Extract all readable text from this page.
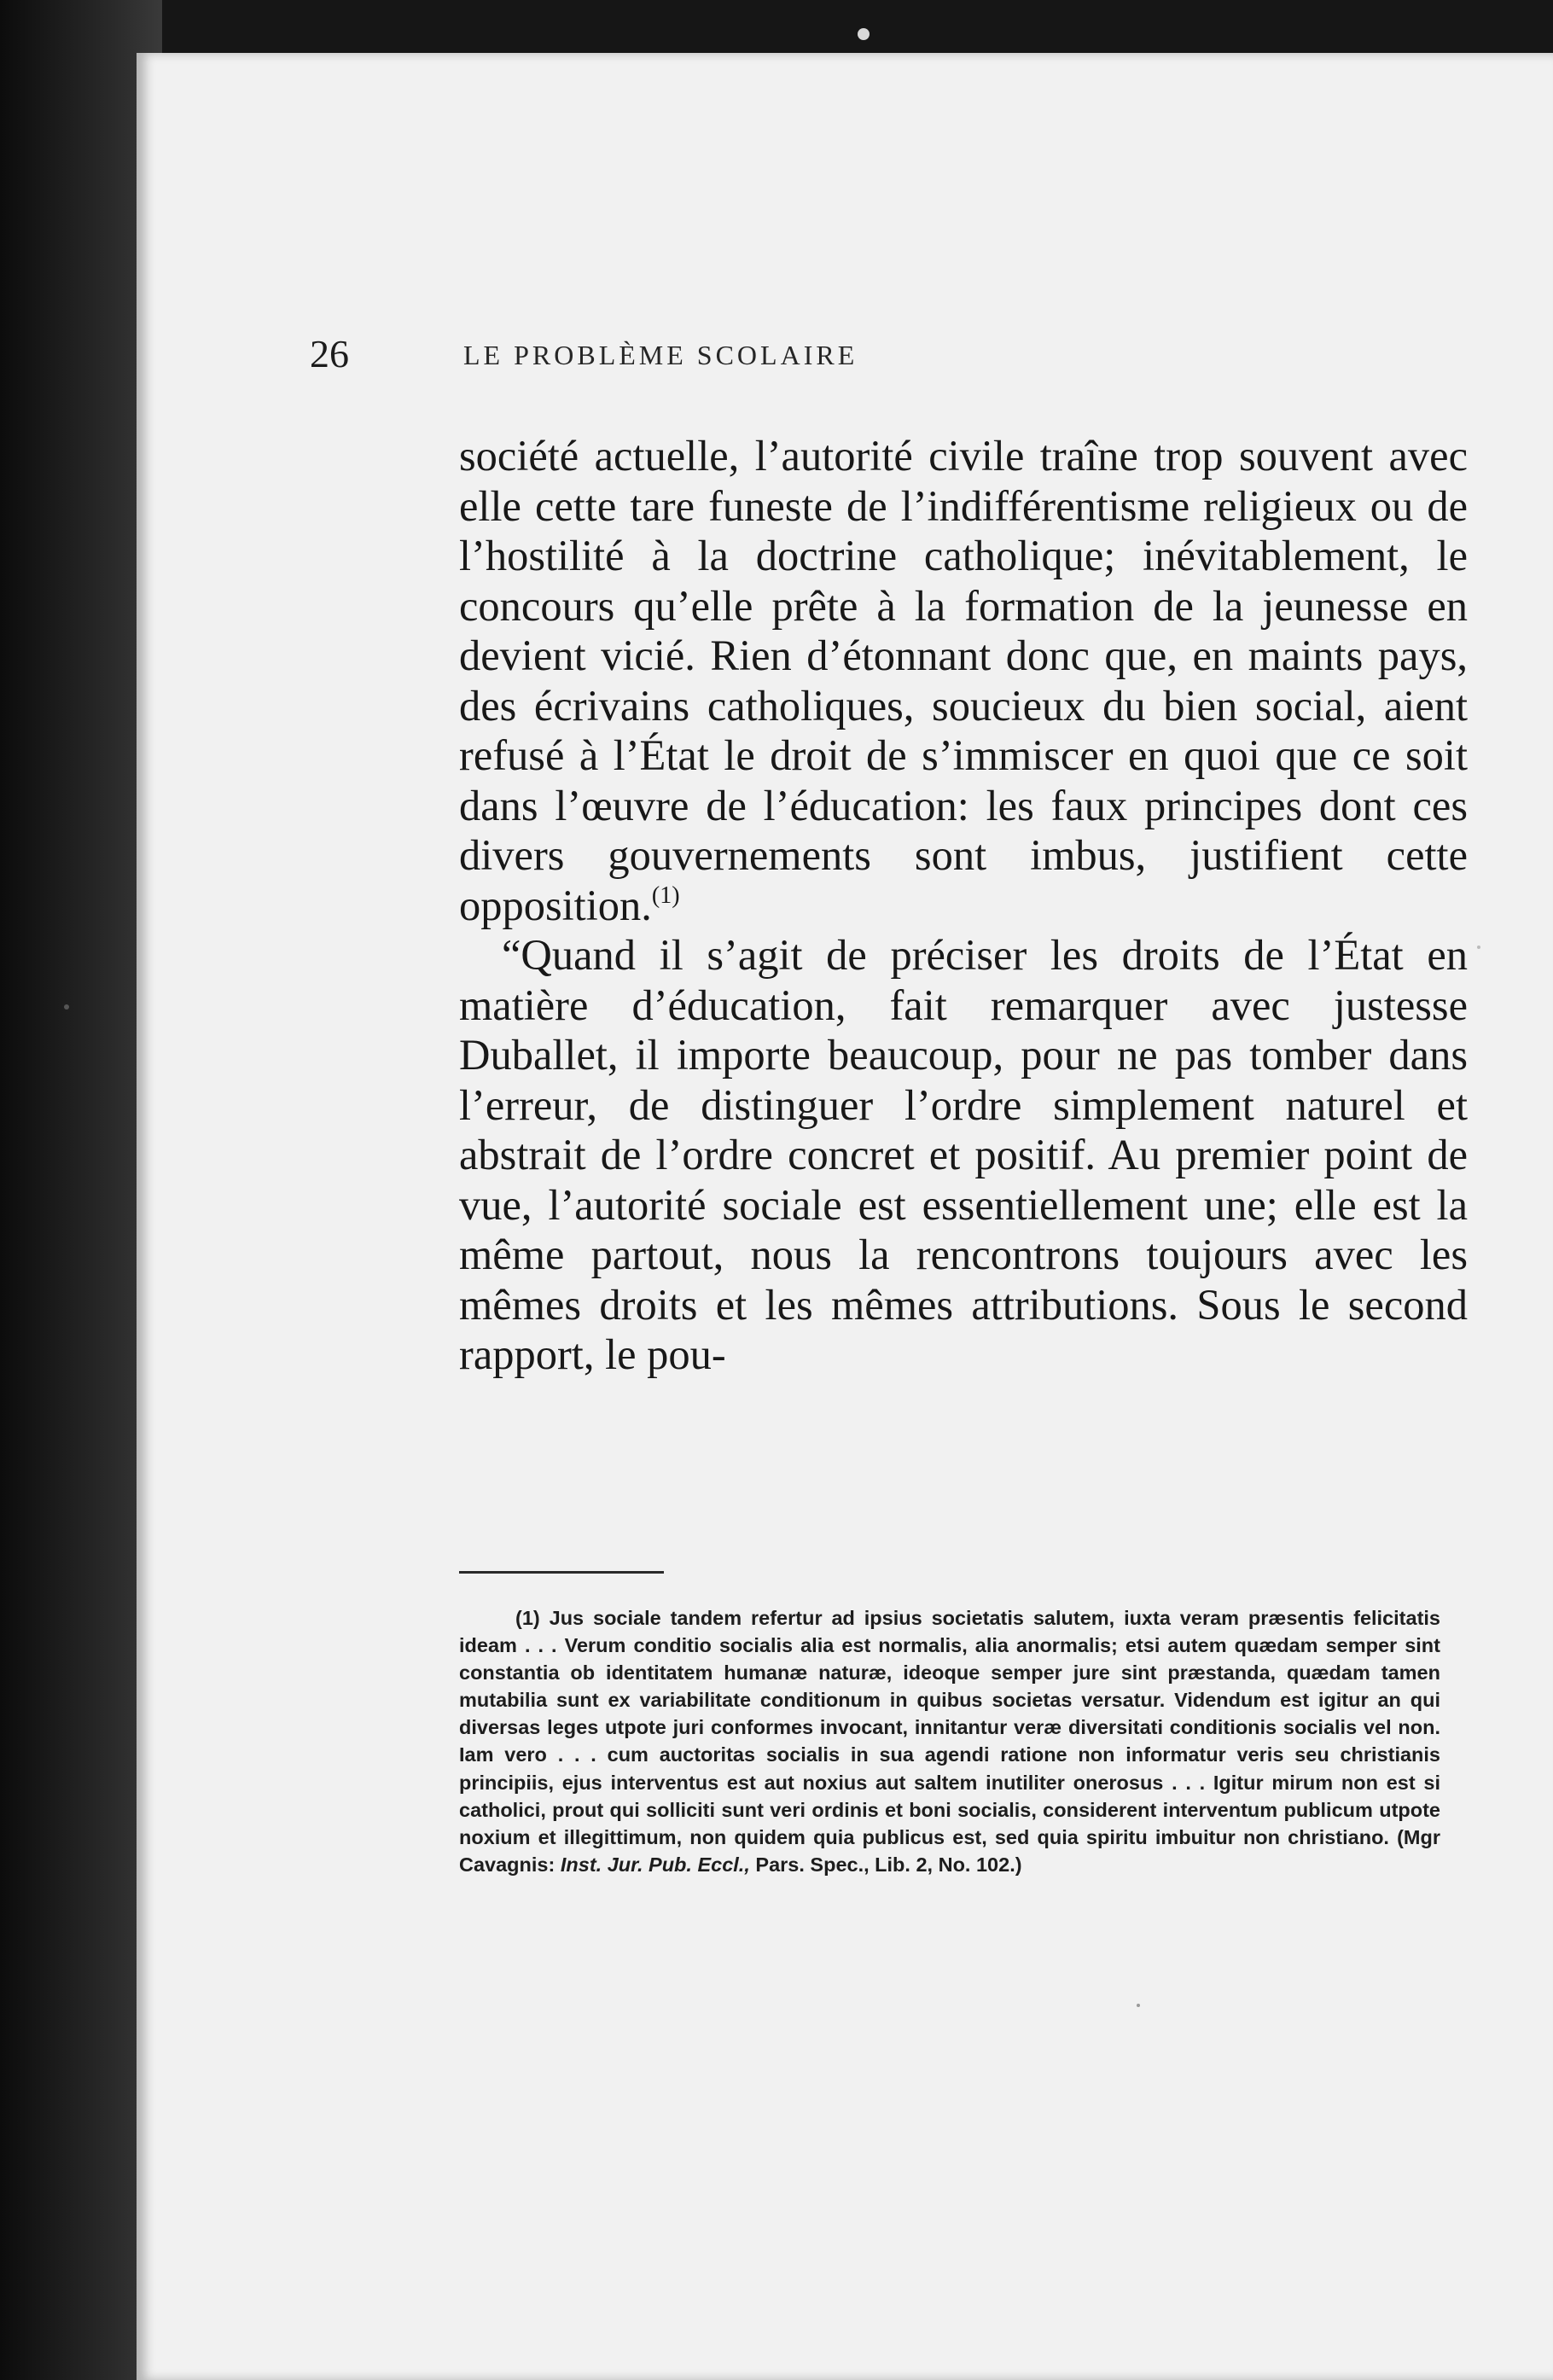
26	LE PROBLÈME SCOLAIRE

société actuelle, l’autorité civile traîne trop souvent avec elle cette tare funeste de l’indifférentisme religieux ou de l’hostilité à la doctrine catholique; inévitablement, le concours qu’elle prête à la formation de la jeunesse en devient vicié. Rien d’étonnant donc que, en maints pays, des écrivains catholiques, soucieux du bien social, aient refusé à l’État le droit de s’immiscer en quoi que ce soit dans l’œuvre de l’éducation: les faux principes dont ces divers gouvernements sont imbus, justifient cette opposition.$^{(1)}$

“Quand il s’agit de préciser les droits de l’État en matière d’éducation, fait remarquer avec justesse Duballet, il importe beaucoup, pour ne pas tomber dans l’erreur, de distinguer l’ordre simplement naturel et abstrait de l’ordre concret et positif. Au premier point de vue, l’autorité sociale est essentiellement une; elle est la même partout, nous la rencontrons toujours avec les mêmes droits et les mêmes attributions. Sous le second rapport, le pou-

(1) Jus sociale tandem refertur ad ipsius societatis salutem, iuxta veram præsentis felicitatis ideam . . . Verum conditio socialis alia est normalis, alia anormalis; etsi autem quædam semper sint constantia ob identitatem humanæ naturæ, ideoque semper jure sint præstanda, quædam tamen mutabilia sunt ex variabilitate conditionum in quibus societas versatur. Videndum est igitur an qui diversas leges utpote juri conformes invocant, innitantur veræ diversitati conditionis socialis vel non. Iam vero . . . cum auctoritas socialis in sua agendi ratione non informatur veris seu christianis principiis, ejus interventus est aut noxius aut saltem inutiliter onerosus . . . Igitur mirum non est si catholici, prout qui solliciti sunt veri ordinis et boni socialis, considerent interventum publicum utpote noxium et illegittimum, non quidem quia publicus est, sed quia spiritu imbuitur non christiano. (Mgr Cavagnis: Inst. Jur. Pub. Eccl., Pars. Spec., Lib. 2, No. 102.)
